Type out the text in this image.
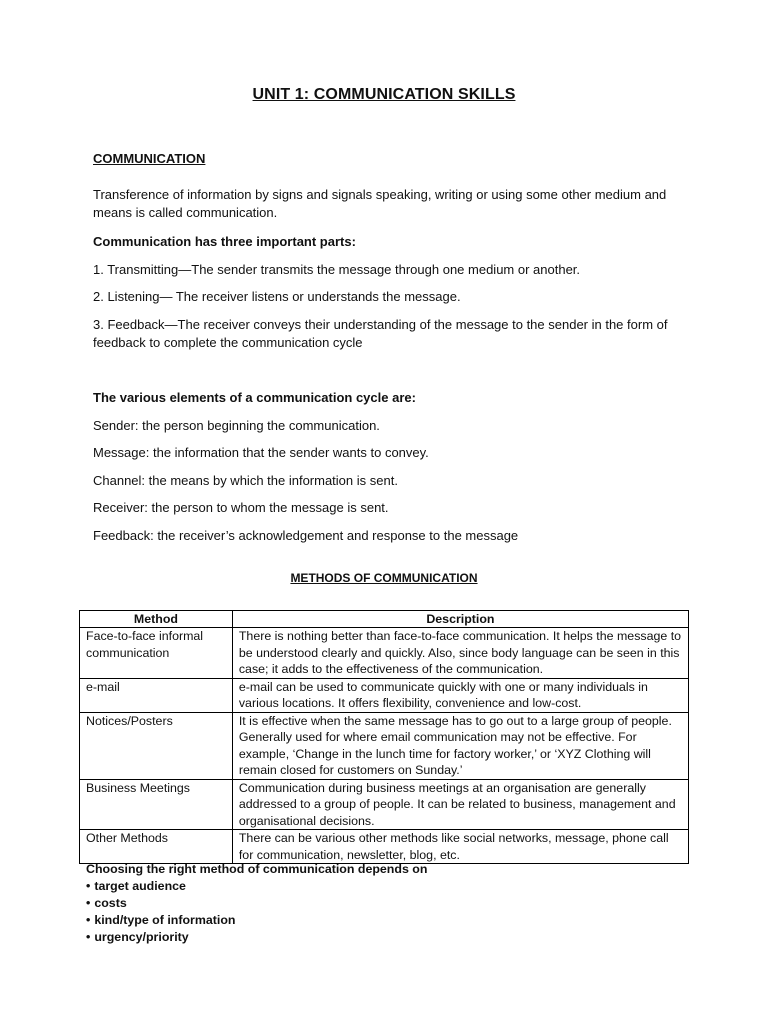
UNIT 1: COMMUNICATION SKILLS
COMMUNICATION
Transference of information by signs and signals speaking, writing or using some other medium and means is called communication.
Communication has three important parts:
1. Transmitting—The sender transmits the message through one medium or another.
2. Listening— The receiver listens or understands the message.
3. Feedback—The receiver conveys their understanding of the message to the sender in the form of feedback to complete the communication cycle
The various elements of a communication cycle are:
Sender: the person beginning the communication.
Message: the information that the sender wants to convey.
Channel: the means by which the information is sent.
Receiver: the person to whom the message is sent.
Feedback: the receiver’s acknowledgement and response to the message
METHODS OF COMMUNICATION
Method	Description
Face-to-face informal communication	There is nothing better than face-to-face communication. It helps the message to be understood clearly and quickly. Also, since body language can be seen in this case; it adds to the effectiveness of the communication.
e-mail	e-mail can be used to communicate quickly with one or many individuals in various locations. It offers flexibility, convenience and low-cost.
Notices/Posters	It is effective when the same message has to go out to a large group of people. Generally used for where email communication may not be effective. For example, ‘Change in the lunch time for factory worker,’ or ‘XYZ Clothing will remain closed for customers on Sunday.’
Business Meetings	Communication during business meetings at an organisation are generally addressed to a group of people. It can be related to business, management and organisational decisions.
Other Methods	There can be various other methods like social networks, message, phone call for communication, newsletter, blog, etc.
Choosing the right method of communication depends on
• target audience
• costs
• kind/type of information
• urgency/priority
